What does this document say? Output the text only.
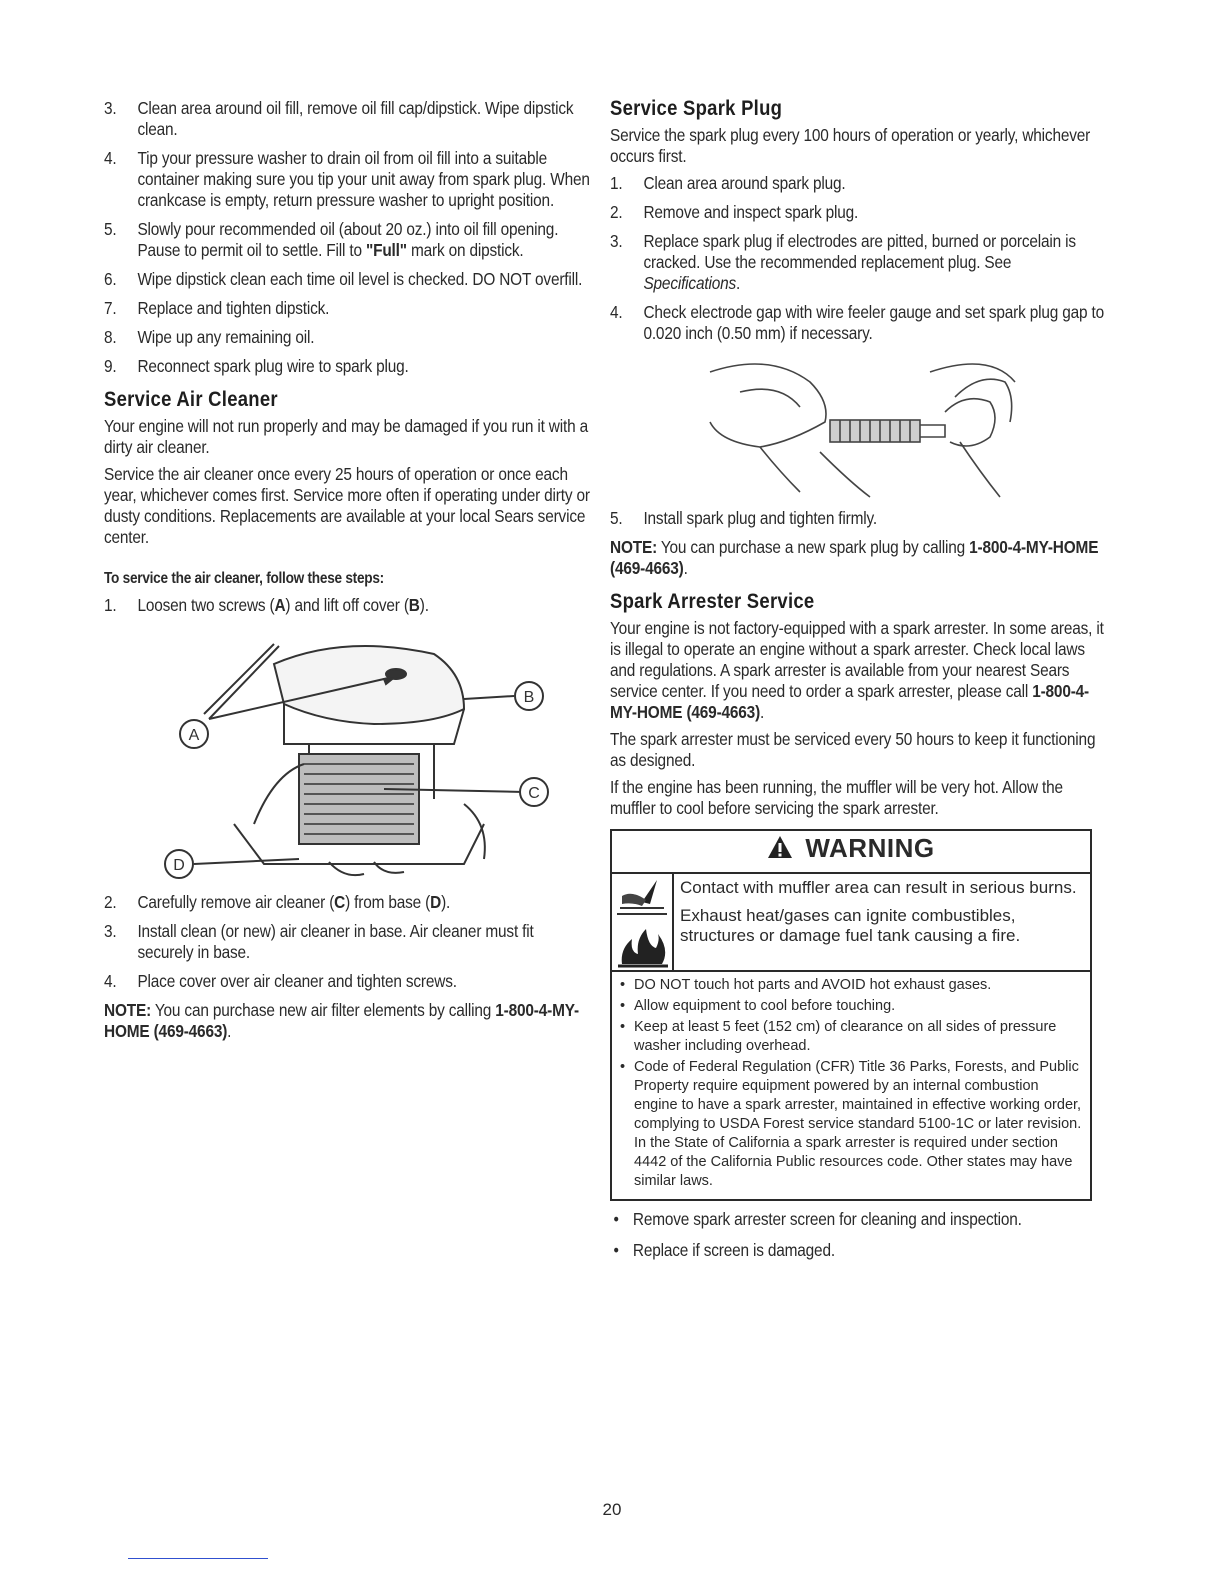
3. Clean area around oil fill, remove oil fill cap/dipstick. Wipe dipstick clean.
4. Tip your pressure washer to drain oil from oil fill into a suitable container making sure you tip your unit away from spark plug. When crankcase is empty, return pressure washer to upright position.
5. Slowly pour recommended oil (about 20 oz.) into oil fill opening. Pause to permit oil to settle. Fill to "Full" mark on dipstick.
6. Wipe dipstick clean each time oil level is checked. DO NOT overfill.
7. Replace and tighten dipstick.
8. Wipe up any remaining oil.
9. Reconnect spark plug wire to spark plug.
Service Air Cleaner

Your engine will not run properly and may be damaged if you run it with a dirty air cleaner.

Service the air cleaner once every 25 hours of operation or once each year, whichever comes first. Service more often if operating under dirty or dusty conditions. Replacements are available at your local Sears service center.

To service the air cleaner, follow these steps:
1. Loosen two screws (A) and lift off cover (B).
A
B
C
D
2. Carefully remove air cleaner (C) from base (D).
3. Install clean (or new) air cleaner in base. Air cleaner must fit securely in base.
4. Place cover over air cleaner and tighten screws.

NOTE: You can purchase new air filter elements by calling 1-800-4-MY-HOME (469-4663).

Service Spark Plug

Service the spark plug every 100 hours of operation or yearly, whichever occurs first.

1. Clean area around spark plug.
2. Remove and inspect spark plug.
3. Replace spark plug if electrodes are pitted, burned or porcelain is cracked. Use the recommended replacement plug. See Specifications.
4. Check electrode gap with wire feeler gauge and set spark plug gap to 0.020 inch (0.50 mm) if necessary.
5. Install spark plug and tighten firmly.

NOTE: You can purchase a new spark plug by calling 1-800-4-MY-HOME (469-4663).

Spark Arrester Service

Your engine is not factory-equipped with a spark arrester. In some areas, it is illegal to operate an engine without a spark arrester. Check local laws and regulations. A spark arrester is available from your nearest Sears service center. If you need to order a spark arrester, please call 1-800-4-MY-HOME (469-4663).

The spark arrester must be serviced every 50 hours to keep it functioning as designed.

If the engine has been running, the muffler will be very hot. Allow the muffler to cool before servicing the spark arrester.

WARNING

Contact with muffler area can result in serious burns.

Exhaust heat/gases can ignite combustibles, structures or damage fuel tank causing a fire.

• DO NOT touch hot parts and AVOID hot exhaust gases.
• Allow equipment to cool before touching.
• Keep at least 5 feet (152 cm) of clearance on all sides of pressure washer including overhead.
• Code of Federal Regulation (CFR) Title 36 Parks, Forests, and Public Property require equipment powered by an internal combustion engine to have a spark arrester, maintained in effective working order, complying to USDA Forest service standard 5100-1C or later revision. In the State of California a spark arrester is required under section 4442 of the California Public resources code. Other states may have similar laws.
• Remove spark arrester screen for cleaning and inspection.
• Replace if screen is damaged.
20
